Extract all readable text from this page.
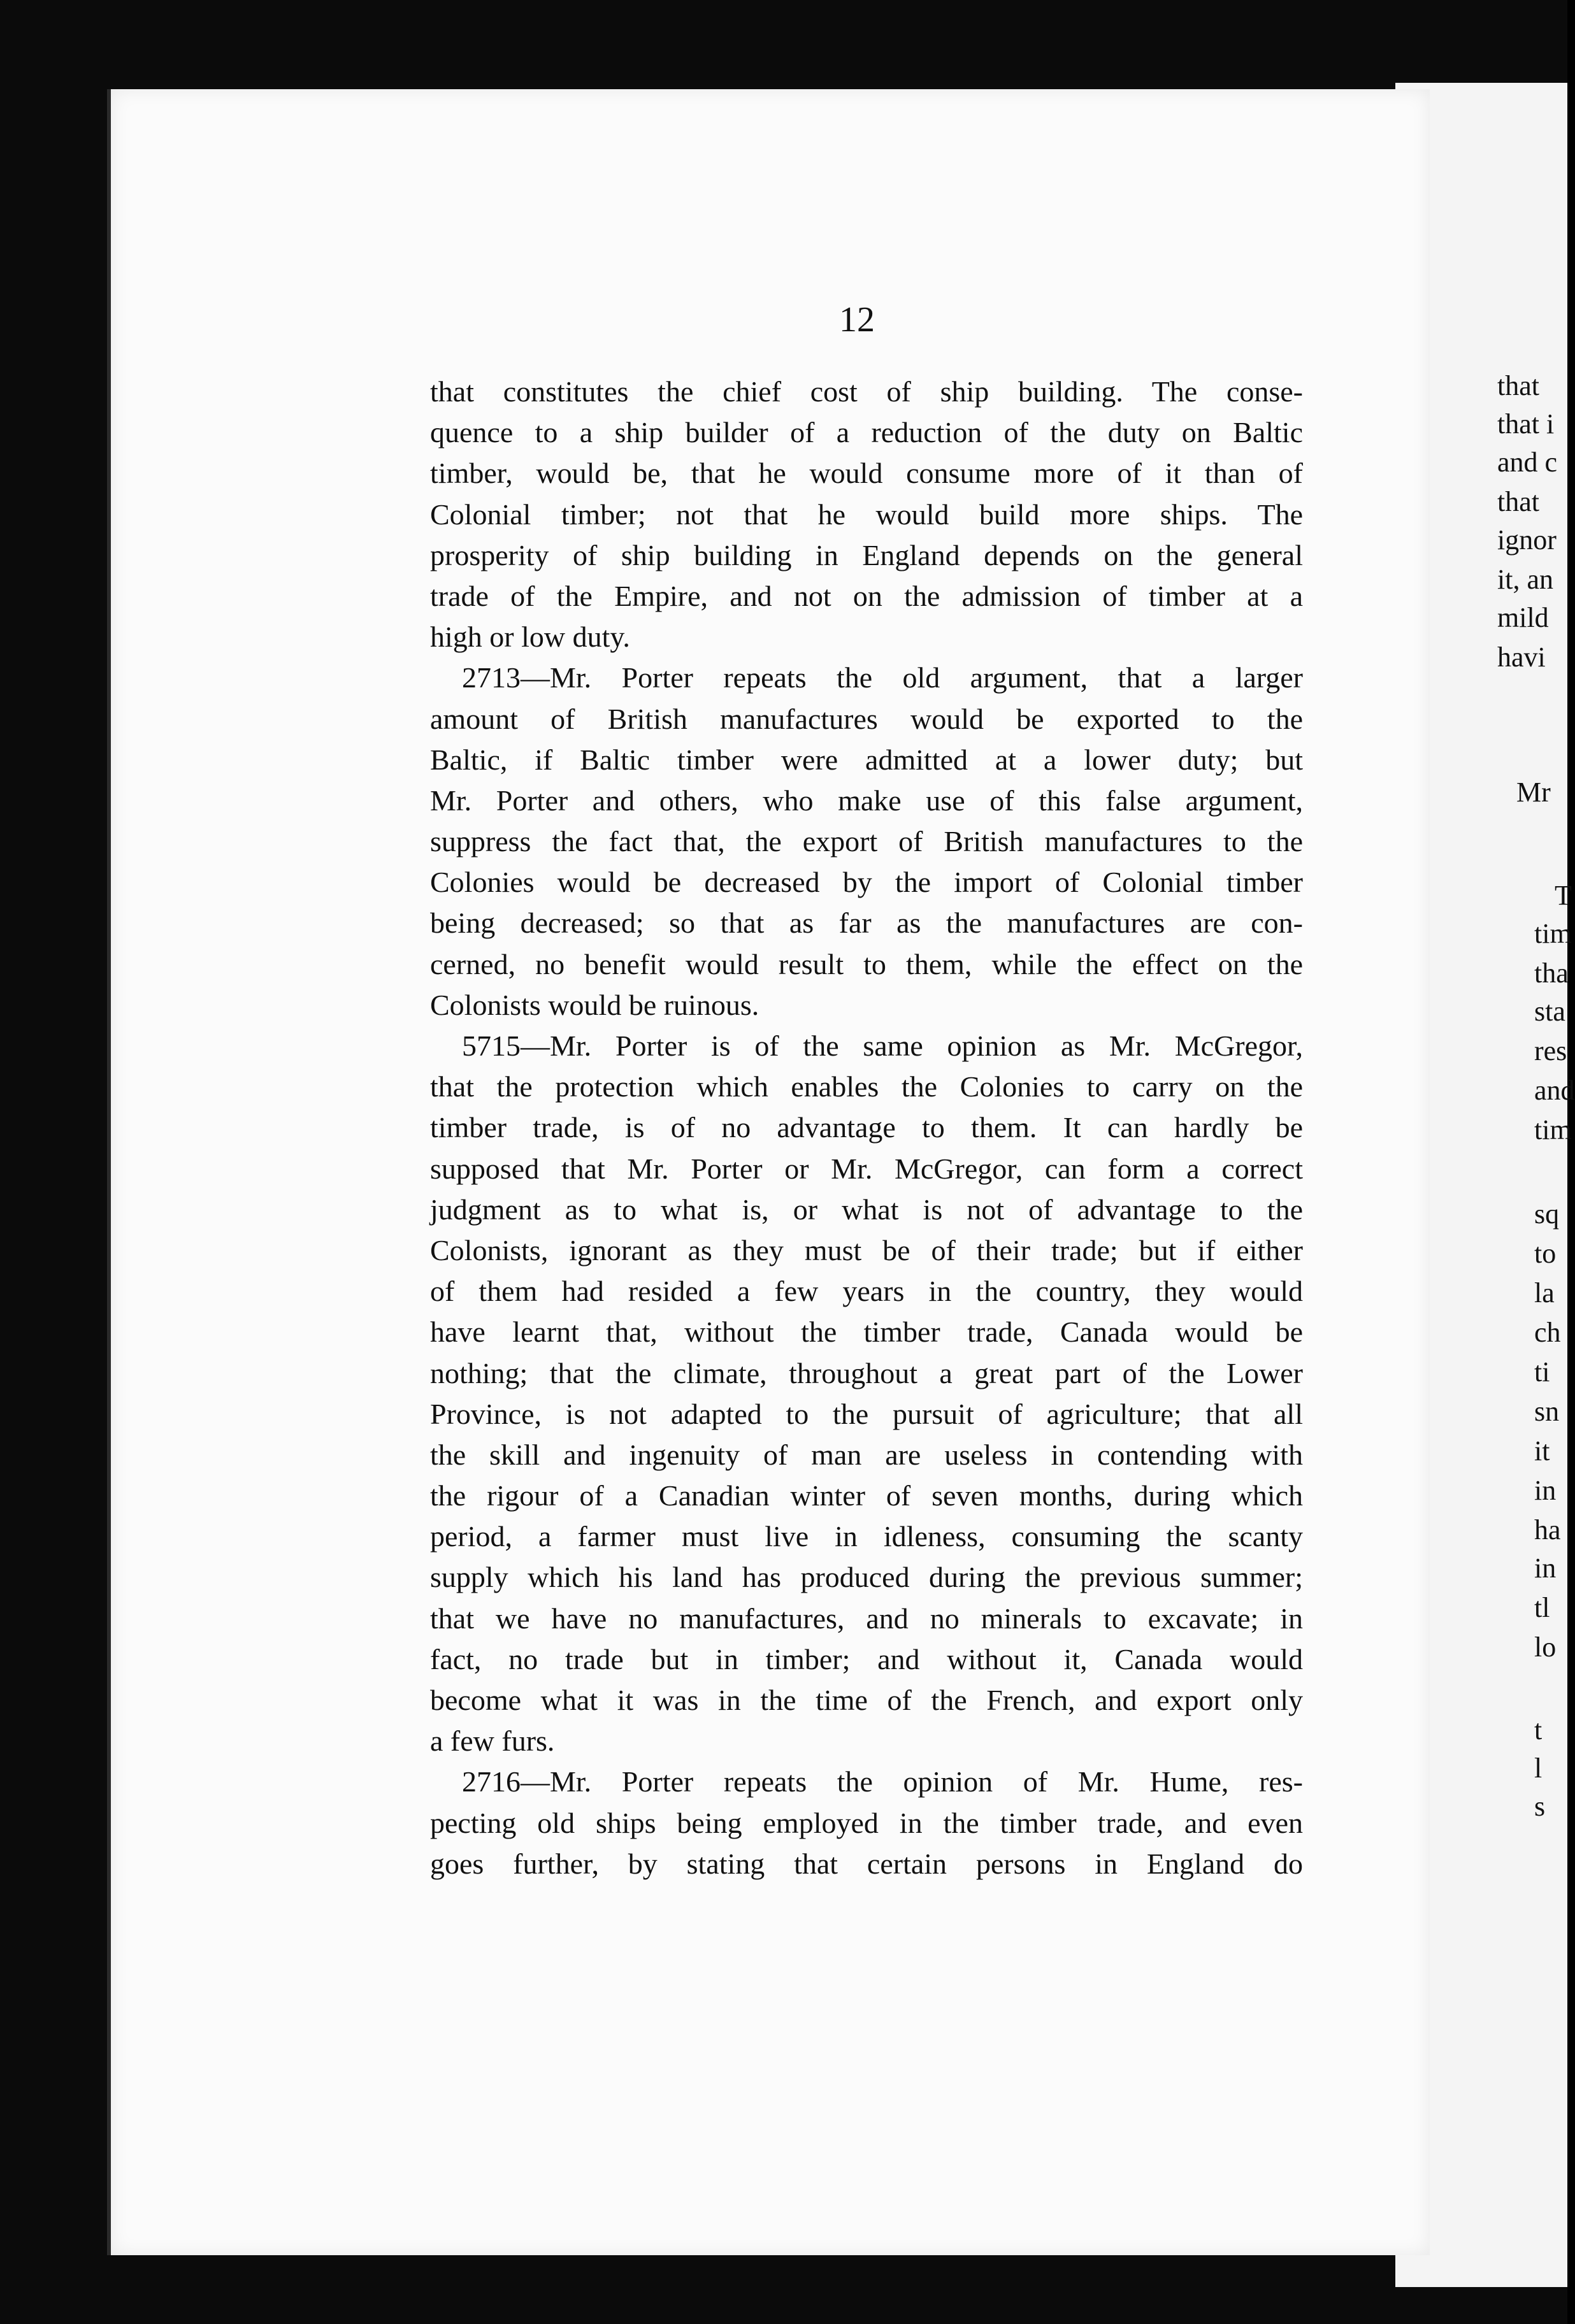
that
that i
and c
that
ignor
it, an
mild
havi
Mr
T
tim
tha
sta
res
and
tim
sq
to
la
ch
ti
sn
it
in
ha
in
tl
lo
t
l
s
12
that constitutes the chief cost of ship building. The conse-
quence to a ship builder of a reduction of the duty on Baltic
timber, would be, that he would consume more of it than of
Colonial timber; not that he would build more ships. The
prosperity of ship building in England depends on the general
trade of the Empire, and not on the admission of timber at a
high or low duty.
2713—Mr. Porter repeats the old argument, that a larger
amount of British manufactures would be exported to the
Baltic, if Baltic timber were admitted at a lower duty; but
Mr. Porter and others, who make use of this false argument,
suppress the fact that, the export of British manufactures to the
Colonies would be decreased by the import of Colonial timber
being decreased; so that as far as the manufactures are con-
cerned, no benefit would result to them, while the effect on the
Colonists would be ruinous.
5715—Mr. Porter is of the same opinion as Mr. McGregor,
that the protection which enables the Colonies to carry on the
timber trade, is of no advantage to them. It can hardly be
supposed that Mr. Porter or Mr. McGregor, can form a correct
judgment as to what is, or what is not of advantage to the
Colonists, ignorant as they must be of their trade; but if either
of them had resided a few years in the country, they would
have learnt that, without the timber trade, Canada would be
nothing; that the climate, throughout a great part of the Lower
Province, is not adapted to the pursuit of agriculture; that all
the skill and ingenuity of man are useless in contending with
the rigour of a Canadian winter of seven months, during which
period, a farmer must live in idleness, consuming the scanty
supply which his land has produced during the previous summer;
that we have no manufactures, and no minerals to excavate; in
fact, no trade but in timber; and without it, Canada would
become what it was in the time of the French, and export only
a few furs.
2716—Mr. Porter repeats the opinion of Mr. Hume, res-
pecting old ships being employed in the timber trade, and even
goes further, by stating that certain persons in England do
